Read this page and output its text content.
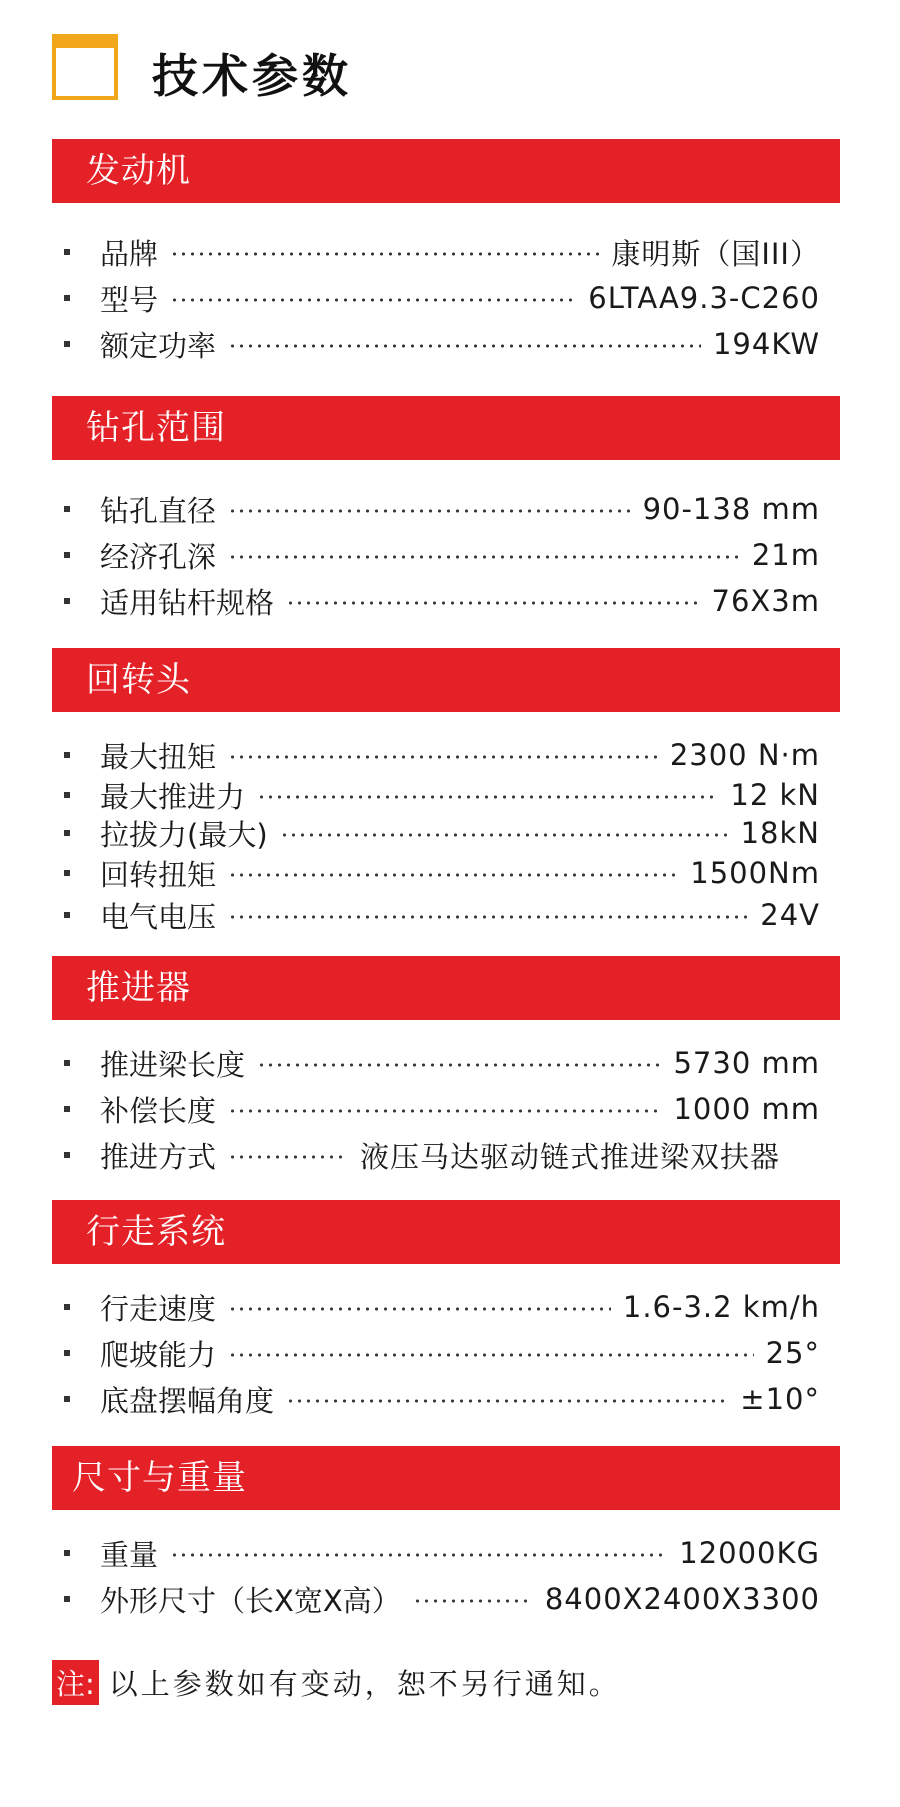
技术参数
发动机
品牌	康明斯（国III）
型号	6LTAA9.3-C260
额定功率	194KW
钻孔范围
钻孔直径	90-138 mm
经济孔深	21m
适用钻杆规格	76X3m
回转头
最大扭矩	2300 N·m
最大推进力	12 kN
拉拔力(最大)	18kN
回转扭矩	1500Nm
电气电压	24V
推进器
推进梁长度	5730 mm
补偿长度	1000 mm
推进方式	液压马达驱动链式推进梁双扶器
行走系统
行走速度	1.6-3.2 km/h
爬坡能力	25°
底盘摆幅角度	±10°
尺寸与重量
重量	12000KG
外形尺寸（长X宽X高）	8400X2400X3300
注: 以上参数如有变动，恕不另行通知。
